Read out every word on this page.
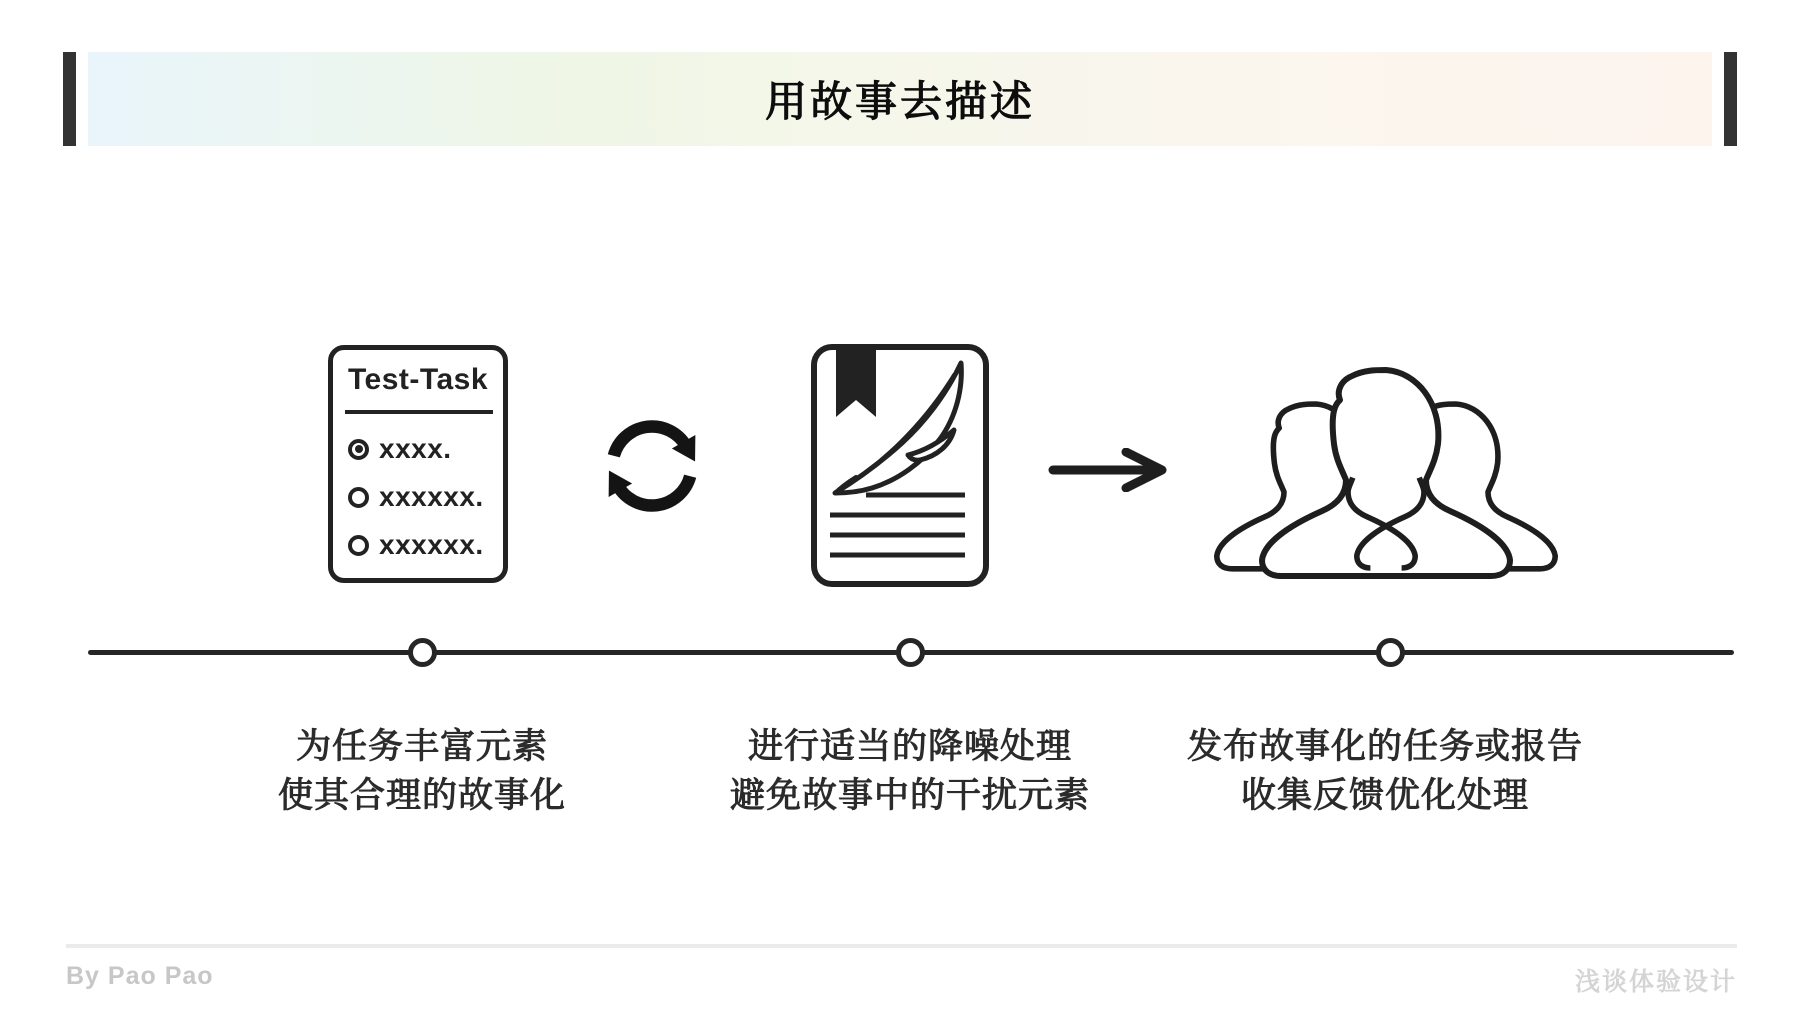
用故事去描述
Test-Task
xxxx.
xxxxxx.
xxxxxx.
为任务丰富元素
使其合理的故事化
进行适当的降噪处理
避免故事中的干扰元素
发布故事化的任务或报告
收集反馈优化处理
By Pao Pao	浅谈体验设计
